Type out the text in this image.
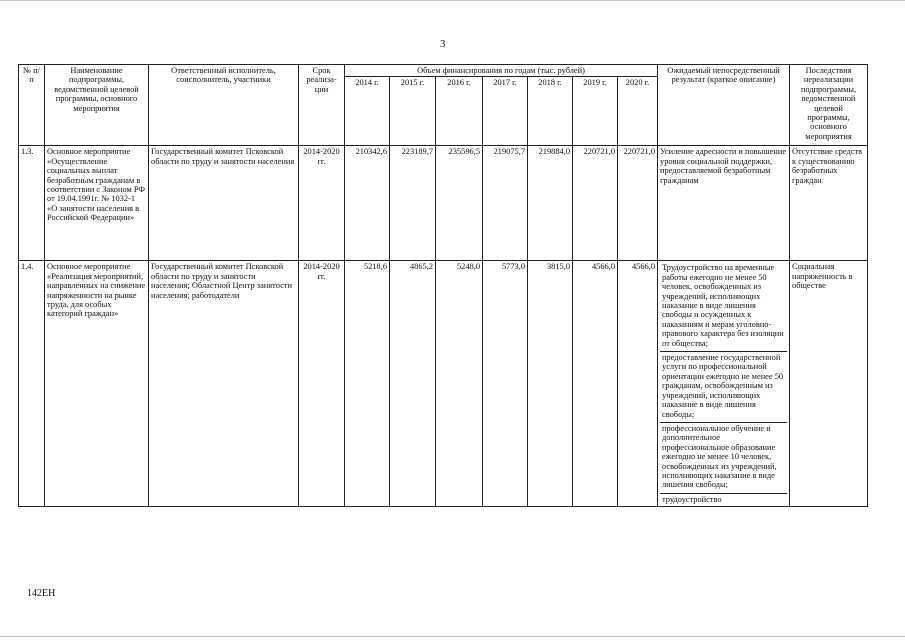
3
№ п/п	Наименование подпрограммы, ведомственной целевой программы, основного мероприятия	Ответственный исполнитель, соисполнитель, участники	Срок реализа-ции	Объем финансирования по годам (тыс. рублей)							Ожидаемый непосредственный результат (краткое описание)	Последствия нереализации подпрограммы, ведомственной целевой программы, основного мероприятия
				2014 г.	2015 г.	2016 г.	2017 г.	2018 г.	2019 г.	2020 г.		
1.3.	Основное мероприятие «Осуществление социальных выплат безработным гражданам в соответствии с Законом РФ от 19.04.1991г. № 1032-1 «О занятости населения в Российской Федерации»	Государственный комитет Псковской области по труду и занятости населения	2014-2020 гг.	210342,6	223189,7	235596,5	219075,7	219884,0	220721,0	220721,0	Усиление адресности и повышение уровня социальной поддержки, предоставляемой безработным гражданам	Отсутствие средств к существованию безработных граждан
1.4.	Основное мероприятие «Реализация мероприятий, направленных на снижение напряженности на рынке труда, для особых категорий граждан»	Государственный комитет Псковской области по труду и занятости населения; Областной Центр занятости населения; работодатели	2014-2020 гг.	5218,6	4865,2	5248,0	5773,0	3815,0	4566,0	4566,0	Трудоустройство на временные работы ежегодно не менее 50 человек, освобожденных из учреждений, исполняющих наказание в виде лишения свободы и осужденных к наказаниям и мерам уголовно-правового характера без изоляции от общества;
предоставление государственной услуги по профессиональной ориентации ежегодно не менее 50 гражданам, освобожденным из учреждений, исполняющих наказание в виде лишения свободы;
профессиональное обучение и дополнительное профессиональное образование ежегодно не менее 10 человек, освобожденных из учреждений, исполняющих наказание в виде лишения свободы;
трудоустройство	Социальная напряженность в обществе
142ЕН
